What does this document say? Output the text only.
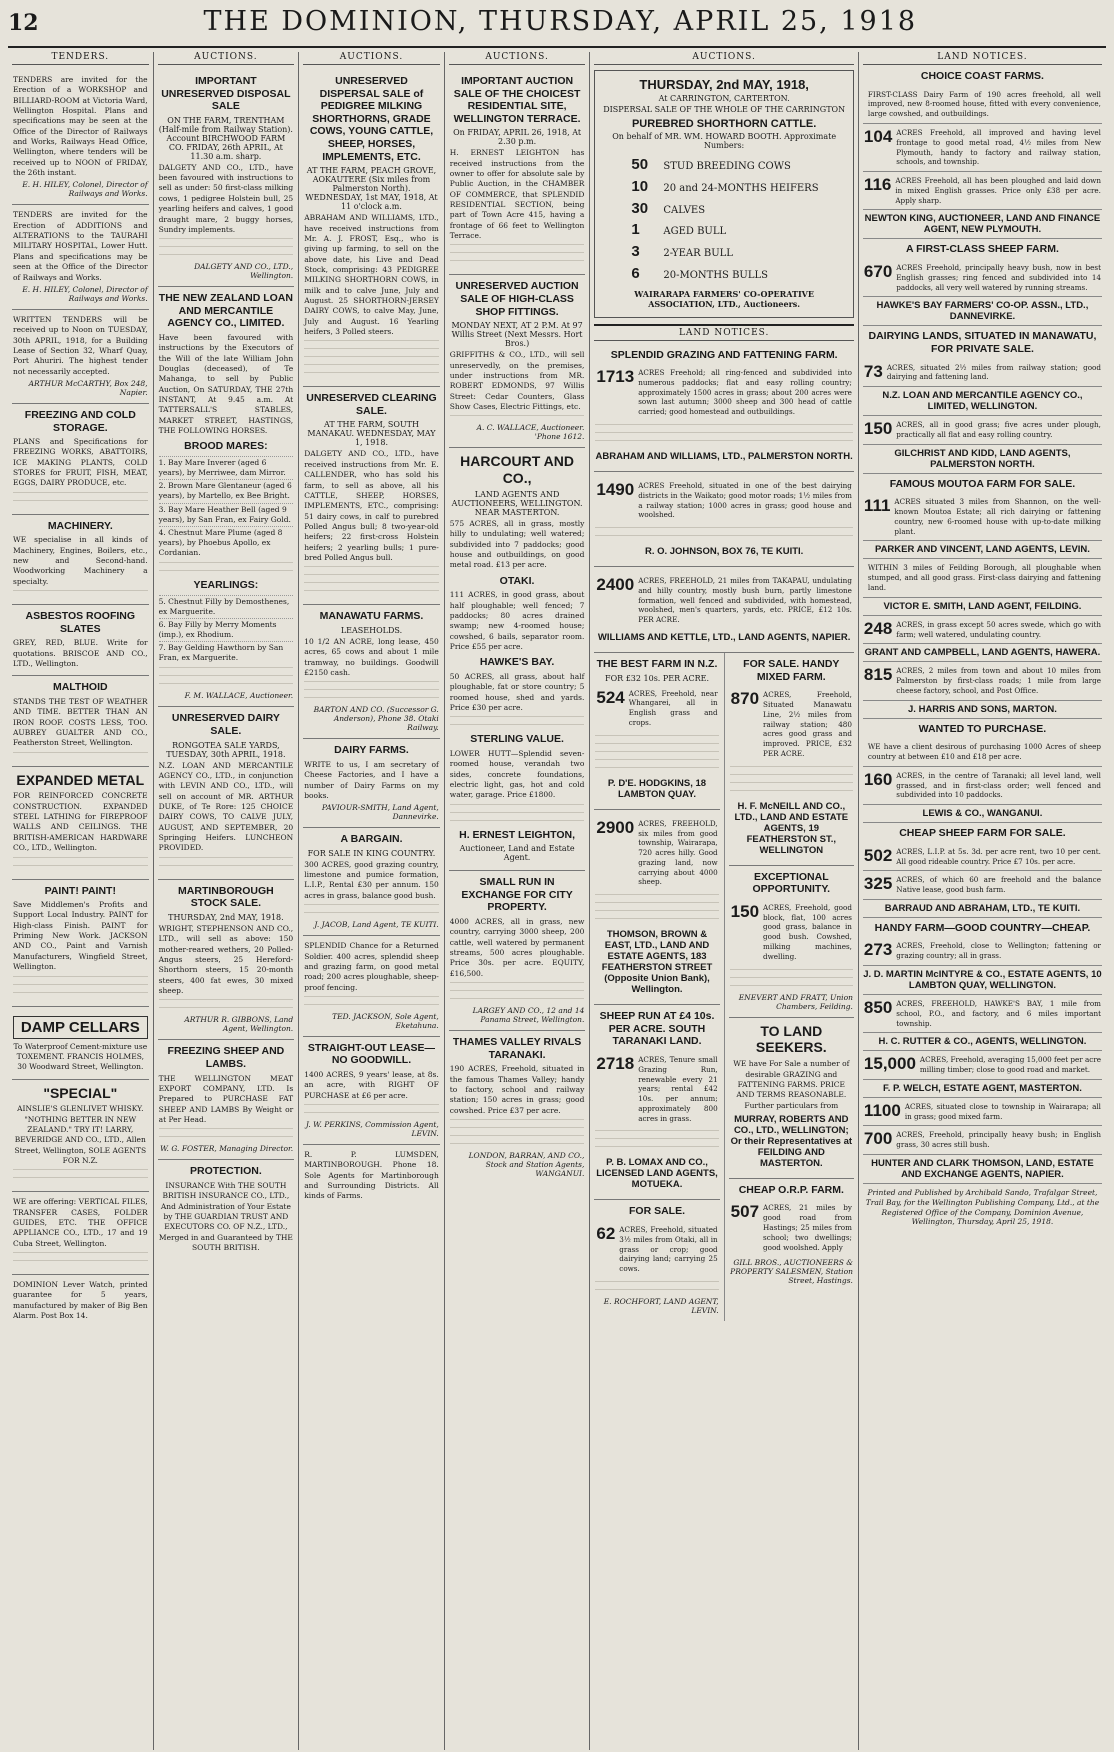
12	THE DOMINION, THURSDAY, APRIL 25, 1918
TENDERS.
TENDERS are invited for the Erection of a WORKSHOP and BILLIARD-ROOM at Victoria Ward, Wellington Hospital. Plans and specifications may be seen at the Office of the Director of Railways and Works, Railways Head Office, Wellington, where tenders will be received up to NOON of FRIDAY, the 26th instant.
E. H. HILEY, Colonel, Director of Railways and Works.
TENDERS are invited for the Erection of ADDITIONS and ALTERATIONS to the TAURAHI MILITARY HOSPITAL, Lower Hutt. Plans and specifications may be seen at the Office of the Director of Railways and Works.
E. H. HILEY, Colonel, Director of Railways and Works.
WRITTEN TENDERS will be received up to Noon on TUESDAY, 30th APRIL, 1918, for a Building Lease of Section 32, Wharf Quay, Port Ahuriri. The highest tender not necessarily accepted.
ARTHUR McCARTHY, Box 248, Napier.
FREEZING AND COLD STORAGE.
PLANS and Specifications for FREEZING WORKS, ABATTOIRS, ICE MAKING PLANTS, COLD STORES for FRUIT, FISH, MEAT, EGGS, DAIRY PRODUCE, etc.
MACHINERY.
WE specialise in all kinds of Machinery, Engines, Boilers, etc., new and Second-hand. Woodworking Machinery a specialty.
ASBESTOS ROOFING SLATES
GREY, RED, BLUE. Write for quotations. BRISCOE AND CO., LTD., Wellington.
MALTHOID
STANDS THE TEST OF WEATHER AND TIME. BETTER THAN AN IRON ROOF. COSTS LESS, TOO. AUBREY GUALTER AND CO., Featherston Street, Wellington.
EXPANDED METAL
FOR REINFORCED CONCRETE CONSTRUCTION. EXPANDED STEEL LATHING for FIREPROOF WALLS AND CEILINGS. THE BRITISH-AMERICAN HARDWARE CO., LTD., Wellington.
PAINT! PAINT!
Save Middlemen's Profits and Support Local Industry. PAINT for High-class Finish. PAINT for Priming New Work. JACKSON AND CO., Paint and Varnish Manufacturers, Wingfield Street, Wellington.
DAMP CELLARS
To Waterproof Cement-mixture use TOXEMENT. FRANCIS HOLMES, 30 Woodward Street, Wellington.
"SPECIAL"
AINSLIE'S GLENLIVET WHISKY. "NOTHING BETTER IN NEW ZEALAND." TRY IT! LARRY, BEVERIDGE AND CO., LTD., Allen Street, Wellington, SOLE AGENTS FOR N.Z.
WE are offering: VERTICAL FILES, TRANSFER CASES, FOLDER GUIDES, ETC. THE OFFICE APPLIANCE CO., LTD., 17 and 19 Cuba Street, Wellington.
DOMINION Lever Watch, printed guarantee for 5 years, manufactured by maker of Big Ben Alarm. Post Box 14.
AUCTIONS.
IMPORTANT UNRESERVED DISPOSAL SALE
ON THE FARM, TRENTHAM (Half-mile from Railway Station). Account BIRCHWOOD FARM CO. FRIDAY, 26th APRIL, At 11.30 a.m. sharp.
DALGETY AND CO., LTD., have been favoured with instructions to sell as under: 50 first-class milking cows, 1 pedigree Holstein bull, 25 yearling heifers and calves, 1 good draught mare, 2 buggy horses, Sundry implements.
DALGETY AND CO., LTD., Wellington.
THE NEW ZEALAND LOAN AND MERCANTILE AGENCY CO., LIMITED.
Have been favoured with instructions by the Executors of the Will of the late William John Douglas (deceased), of Te Mahanga, to sell by Public Auction, On SATURDAY, THE 27th INSTANT, At 9.45 a.m. At TATTERSALL'S STABLES, MARKET STREET, HASTINGS, THE FOLLOWING HORSES.
BROOD MARES:
1. Bay Mare Inverer (aged 6 years), by Merriwee, dam Mirror.
2. Brown Mare Glentaneur (aged 6 years), by Martello, ex Bee Bright.
3. Bay Mare Heather Bell (aged 9 years), by San Fran, ex Fairy Gold.
4. Chestnut Mare Plume (aged 8 years), by Phoebus Apollo, ex Cordanian.
YEARLINGS:
5. Chestnut Filly by Demosthenes, ex Marguerite.
6. Bay Filly by Merry Moments (imp.), ex Rhodium.
7. Bay Gelding Hawthorn by San Fran, ex Marguerite.
F. M. WALLACE, Auctioneer.
UNRESERVED DAIRY SALE.
RONGOTEA SALE YARDS, TUESDAY, 30th APRIL, 1918.
N.Z. LOAN AND MERCANTILE AGENCY CO., LTD., in conjunction with LEVIN AND CO., LTD., will sell on account of MR. ARTHUR DUKE, of Te Rore: 125 CHOICE DAIRY COWS, TO CALVE JULY, AUGUST, AND SEPTEMBER, 20 Springing Heifers. LUNCHEON PROVIDED.
MARTINBOROUGH STOCK SALE.
THURSDAY, 2nd MAY, 1918.
WRIGHT, STEPHENSON AND CO., LTD., will sell as above: 150 mother-reared wethers, 20 Polled-Angus steers, 25 Hereford-Shorthorn steers, 15 20-month steers, 400 fat ewes, 30 mixed sheep.
ARTHUR R. GIBBONS, Land Agent, Wellington.
FREEZING SHEEP AND LAMBS.
THE WELLINGTON MEAT EXPORT COMPANY, LTD. Is Prepared to PURCHASE FAT SHEEP AND LAMBS By Weight or at Per Head.
W. G. FOSTER, Managing Director.
PROTECTION.
INSURANCE With THE SOUTH BRITISH INSURANCE CO., LTD., And Administration of Your Estate by THE GUARDIAN TRUST AND EXECUTORS CO. OF N.Z., LTD., Merged in and Guaranteed by THE SOUTH BRITISH.
AUCTIONS.
UNRESERVED DISPERSAL SALE of PEDIGREE MILKING SHORTHORNS, GRADE COWS, YOUNG CATTLE, SHEEP, HORSES, IMPLEMENTS, ETC.
AT THE FARM, PEACH GROVE, AOKAUTERE (Six miles from Palmerston North). WEDNESDAY, 1st MAY, 1918, At 11 o'clock a.m.
ABRAHAM AND WILLIAMS, LTD., have received instructions from Mr. A. J. FROST, Esq., who is giving up farming, to sell on the above date, his Live and Dead Stock, comprising: 43 PEDIGREE MILKING SHORTHORN COWS, in milk and to calve June, July and August. 25 SHORTHORN-JERSEY DAIRY COWS, to calve May, June, July and August. 16 Yearling heifers, 3 Polled steers.
UNRESERVED CLEARING SALE.
AT THE FARM, SOUTH MANAKAU. WEDNESDAY, MAY 1, 1918.
DALGETY AND CO., LTD., have received instructions from Mr. E. CALLENDER, who has sold his farm, to sell as above, all his CATTLE, SHEEP, HORSES, IMPLEMENTS, ETC., comprising: 51 dairy cows, in calf to purebred Polled Angus bull; 8 two-year-old heifers; 22 first-cross Holstein heifers; 2 yearling bulls; 1 pure-bred Polled Angus bull.
MANAWATU FARMS.
LEASEHOLDS.
10 1/2 AN ACRE, long lease, 450 acres, 65 cows and about 1 mile tramway, no buildings. Goodwill £2150 cash.
BARTON AND CO. (Successor G. Anderson), Phone 38. Otaki Railway.
DAIRY FARMS.
WRITE to us, I am secretary of Cheese Factories, and I have a number of Dairy Farms on my books.
PAVIOUR-SMITH, Land Agent, Dannevirke.
A BARGAIN.
FOR SALE IN KING COUNTRY.
300 ACRES, good grazing country, limestone and pumice formation, L.I.P., Rental £30 per annum. 150 acres in grass, balance good bush.
J. JACOB, Land Agent, TE KUITI.
SPLENDID Chance for a Returned Soldier. 400 acres, splendid sheep and grazing farm, on good metal road; 200 acres ploughable, sheep-proof fencing.
TED. JACKSON, Sole Agent, Eketahuna.
STRAIGHT-OUT LEASE—NO GOODWILL.
1400 ACRES, 9 years' lease, at 8s. an acre, with RIGHT OF PURCHASE at £6 per acre.
J. W. PERKINS, Commission Agent, LEVIN.
R. P. LUMSDEN, MARTINBOROUGH. Phone 18. Sole Agents for Martinborough and Surrounding Districts. All kinds of Farms.
AUCTIONS.
IMPORTANT AUCTION SALE OF THE CHOICEST RESIDENTIAL SITE, WELLINGTON TERRACE.
On FRIDAY, APRIL 26, 1918, At 2.30 p.m.
H. ERNEST LEIGHTON has received instructions from the owner to offer for absolute sale by Public Auction, in the CHAMBER OF COMMERCE, that SPLENDID RESIDENTIAL SECTION, being part of Town Acre 415, having a frontage of 66 feet to Wellington Terrace.
UNRESERVED AUCTION SALE OF HIGH-CLASS SHOP FITTINGS.
MONDAY NEXT, AT 2 P.M. At 97 Willis Street (Next Messrs. Hort Bros.)
GRIFFITHS & CO., LTD., will sell unreservedly, on the premises, under instructions from MR. ROBERT EDMONDS, 97 Willis Street: Cedar Counters, Glass Show Cases, Electric Fittings, etc.
A. C. WALLACE, Auctioneer. 'Phone 1612.
HARCOURT AND CO.,
LAND AGENTS AND AUCTIONEERS, WELLINGTON. NEAR MASTERTON.
575 ACRES, all in grass, mostly hilly to undulating; well watered; subdivided into 7 paddocks; good house and outbuildings, on good metal road. £13 per acre.
OTAKI.
111 ACRES, in good grass, about half ploughable; well fenced; 7 paddocks; 80 acres drained swamp; new 4-roomed house; cowshed, 6 bails, separator room. Price £55 per acre.
HAWKE'S BAY.
50 ACRES, all grass, about half ploughable, fat or store country; 5 roomed house, shed and yards. Price £30 per acre.
STERLING VALUE.
LOWER HUTT—Splendid seven-roomed house, verandah two sides, concrete foundations, electric light, gas, hot and cold water, garage. Price £1800.
H. ERNEST LEIGHTON,
Auctioneer, Land and Estate Agent.
SMALL RUN IN EXCHANGE FOR CITY PROPERTY.
4000 ACRES, all in grass, new country, carrying 3000 sheep, 200 cattle, well watered by permanent streams, 500 acres ploughable. Price 30s. per acre. EQUITY, £16,500.
LARGEY AND CO., 12 and 14 Panama Street, Wellington.
THAMES VALLEY RIVALS TARANAKI.
190 ACRES, Freehold, situated in the famous Thames Valley; handy to factory, school and railway station; 150 acres in grass; good cowshed. Price £37 per acre.
LONDON, BARRAN, AND CO., Stock and Station Agents, WANGANUI.
AUCTIONS.
THURSDAY, 2nd MAY, 1918,
At CARRINGTON, CARTERTON.
DISPERSAL SALE OF THE WHOLE OF THE CARRINGTON
PUREBRED SHORTHORN CATTLE.
On behalf of MR. WM. HOWARD BOOTH. Approximate Numbers:
50	STUD BREEDING COWS
10	20 and 24-MONTHS HEIFERS
30	CALVES
1	AGED BULL
3	2-YEAR BULL
6	20-MONTHS BULLS
WAIRARAPA FARMERS' CO-OPERATIVE ASSOCIATION, LTD., Auctioneers.
LAND NOTICES.
SPLENDID GRAZING AND FATTENING FARM.
1713 ACRES Freehold; all ring-fenced and subdivided into numerous paddocks; flat and easy rolling country; approximately 1500 acres in grass; about 200 acres were sown last autumn; 3000 sheep and 300 head of cattle carried; good homestead and outbuildings.
ABRAHAM AND WILLIAMS, LTD., PALMERSTON NORTH.
1490 ACRES Freehold, situated in one of the best dairying districts in the Waikato; good motor roads; 1½ miles from a railway station; 1000 acres in grass; good house and woolshed.
R. O. JOHNSON, BOX 76, TE KUITI.
2400 ACRES, FREEHOLD, 21 miles from TAKAPAU, undulating and hilly country, mostly bush burn, partly limestone formation, well fenced and subdivided, with homestead, woolshed, men's quarters, yards, etc. PRICE, £12 10s. PER ACRE.
WILLIAMS AND KETTLE, LTD., LAND AGENTS, NAPIER.
THE BEST FARM IN N.Z.
FOR £32 10s. PER ACRE.
524 ACRES, Freehold, near Whangarei, all in English grass and crops.
P. D'E. HODGKINS, 18 LAMBTON QUAY.
2900 ACRES, FREEHOLD, six miles from good township, Wairarapa, 720 acres hilly. Good grazing land, now carrying about 4000 sheep.
THOMSON, BROWN & EAST, LTD., LAND AND ESTATE AGENTS, 183 FEATHERSTON STREET (Opposite Union Bank), Wellington.
SHEEP RUN AT £4 10s. PER ACRE. SOUTH TARANAKI LAND.
2718 ACRES, Tenure small Grazing Run, renewable every 21 years; rental £42 10s. per annum; approximately 800 acres in grass.
P. B. LOMAX AND CO., LICENSED LAND AGENTS, MOTUEKA.
FOR SALE.
62 ACRES, Freehold, situated 3½ miles from Otaki, all in grass or crop; good dairying land; carrying 25 cows.
E. ROCHFORT, LAND AGENT, LEVIN.
FOR SALE. HANDY MIXED FARM.
870 ACRES, Freehold, Situated Manawatu Line, 2½ miles from railway station; 480 acres good grass and improved. PRICE, £32 PER ACRE.
H. F. McNEILL AND CO., LTD., LAND AND ESTATE AGENTS, 19 FEATHERSTON ST., WELLINGTON
EXCEPTIONAL OPPORTUNITY.
150 ACRES, Freehold, good block, flat, 100 acres good grass, balance in good bush. Cowshed, milking machines, dwelling.
ENEVERT AND FRATT, Union Chambers, Feilding.
TO LAND SEEKERS.
WE have For Sale a number of desirable GRAZING and FATTENING FARMS. PRICE AND TERMS REASONABLE. Further particulars from
MURRAY, ROBERTS AND CO., LTD., WELLINGTON; Or their Representatives at FEILDING AND MASTERTON.
CHEAP O.R.P. FARM.
507 ACRES, 21 miles by good road from Hastings; 25 miles from school; two dwellings; good woolshed. Apply
GILL BROS., AUCTIONEERS & PROPERTY SALESMEN, Station Street, Hastings.
LAND NOTICES.
CHOICE COAST FARMS.
FIRST-CLASS Dairy Farm of 190 acres freehold, all well improved, new 8-roomed house, fitted with every convenience, large cowshed, and outbuildings.
104 ACRES Freehold, all improved and having level frontage to good metal road, 4½ miles from New Plymouth, handy to factory and railway station, schools, and township.
116 ACRES Freehold, all has been ploughed and laid down in mixed English grasses. Price only £38 per acre. Apply sharp.
NEWTON KING, AUCTIONEER, LAND AND FINANCE AGENT, NEW PLYMOUTH.
A FIRST-CLASS SHEEP FARM.
670 ACRES Freehold, principally heavy bush, now in best English grasses; ring fenced and subdivided into 14 paddocks, all very well watered by running streams.
HAWKE'S BAY FARMERS' CO-OP. ASSN., LTD., DANNEVIRKE.
DAIRYING LANDS, SITUATED IN MANAWATU, FOR PRIVATE SALE.
73 ACRES, situated 2½ miles from railway station; good dairying and fattening land.
N.Z. LOAN AND MERCANTILE AGENCY CO., LIMITED, WELLINGTON.
150 ACRES, all in good grass; five acres under plough, practically all flat and easy rolling country.
GILCHRIST AND KIDD, LAND AGENTS, PALMERSTON NORTH.
FAMOUS MOUTOA FARM FOR SALE.
111 ACRES situated 3 miles from Shannon, on the well-known Moutoa Estate; all rich dairying or fattening country, new 6-roomed house with up-to-date milking plant.
PARKER AND VINCENT, LAND AGENTS, LEVIN.
WITHIN 3 miles of Feilding Borough, all ploughable when stumped, and all good grass. First-class dairying and fattening land.
VICTOR E. SMITH, LAND AGENT, FEILDING.
248 ACRES, in grass except 50 acres swede, which go with farm; well watered, undulating country.
GRANT AND CAMPBELL, LAND AGENTS, HAWERA.
815 ACRES, 2 miles from town and about 10 miles from Palmerston by first-class roads; 1 mile from large cheese factory, school, and Post Office.
J. HARRIS AND SONS, MARTON.
WANTED TO PURCHASE.
WE have a client desirous of purchasing 1000 Acres of sheep country at between £10 and £18 per acre.
160 ACRES, in the centre of Taranaki; all level land, well grassed, and in first-class order; well fenced and subdivided into 10 paddocks.
LEWIS & CO., WANGANUI.
CHEAP SHEEP FARM FOR SALE.
502 ACRES, L.I.P. at 5s. 3d. per acre rent, two 10 per cent. All good rideable country. Price £7 10s. per acre.
325 ACRES, of which 60 are freehold and the balance Native lease, good bush farm.
BARRAUD AND ABRAHAM, LTD., TE KUITI.
HANDY FARM—GOOD COUNTRY—CHEAP.
273 ACRES, Freehold, close to Wellington; fattening or grazing country; all in grass.
J. D. MARTIN McINTYRE & CO., ESTATE AGENTS, 10 LAMBTON QUAY, WELLINGTON.
850 ACRES, FREEHOLD, HAWKE'S BAY, 1 mile from school, P.O., and factory, and 6 miles important township.
H. C. RUTTER & CO., AGENTS, WELLINGTON.
15,000 ACRES, Freehold, averaging 15,000 feet per acre milling timber; close to good road and market.
F. P. WELCH, ESTATE AGENT, MASTERTON.
1100 ACRES, situated close to township in Wairarapa; all in grass; good mixed farm.
700 ACRES, Freehold, principally heavy bush; in English grass, 30 acres still bush.
HUNTER AND CLARK THOMSON, LAND, ESTATE AND EXCHANGE AGENTS, NAPIER.
Printed and Published by Archibald Sando, Trafalgar Street, Trail Bay, for the Wellington Publishing Company, Ltd., at the Registered Office of the Company, Dominion Avenue, Wellington, Thursday, April 25, 1918.
